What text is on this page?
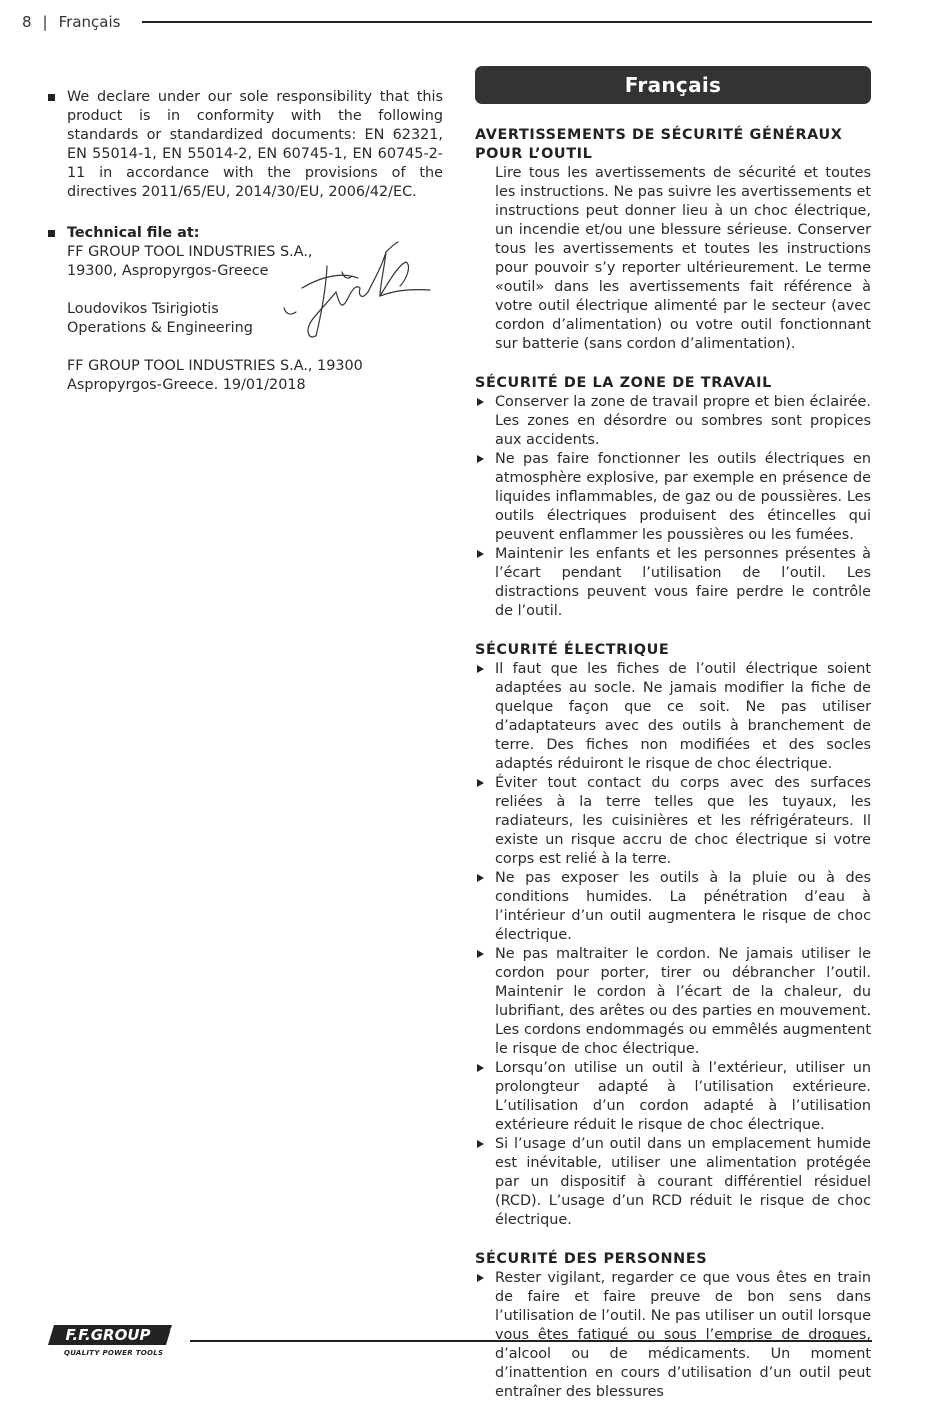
8 | Français
We declare under our sole responsibility that this product is in conformity with the following standards or standardized documents: EN 62321, EN 55014-1, EN 55014-2, EN 60745-1, EN 60745-2-11 in accordance with the provisions of the directives 2011/65/EU, 2014/30/EU, 2006/42/EC.
Technical file at:
FF GROUP TOOL INDUSTRIES S.A.,
19300, Aspropyrgos-Greece
Loudovikos Tsirigiotis
Operations & Engineering
FF GROUP TOOL INDUSTRIES S.A., 19300
Aspropyrgos-Greece. 19/01/2018
Français
AVERTISSEMENTS DE SÉCURITÉ GÉNÉRAUX
POUR L’OUTIL
Lire tous les avertissements de sécurité et toutes les instructions. Ne pas suivre les avertissements et instructions peut donner lieu à un choc électrique, un incendie et/ou une blessure sérieuse. Conserver tous les avertissements et toutes les instructions pour pouvoir s’y reporter ultérieurement. Le terme «outil» dans les avertissements fait référence à votre outil électrique alimenté par le secteur (avec cordon d’alimentation) ou votre outil fonctionnant sur batterie (sans cordon d’alimentation).
SÉCURITÉ DE LA ZONE DE TRAVAIL
Conserver la zone de travail propre et bien éclairée. Les zones en désordre ou sombres sont propices aux accidents.
Ne pas faire fonctionner les outils électriques en atmosphère explosive, par exemple en présence de liquides inflammables, de gaz ou de poussières. Les outils électriques produisent des étincelles qui peuvent enflammer les poussières ou les fumées.
Maintenir les enfants et les personnes présentes à l’écart pendant l’utilisation de l’outil. Les distractions peuvent vous faire perdre le contrôle de l’outil.
SÉCURITÉ ÉLECTRIQUE
Il faut que les fiches de l’outil électrique soient adaptées au socle. Ne jamais modifier la fiche de quelque façon que ce soit. Ne pas utiliser d’adaptateurs avec des outils à branchement de terre. Des fiches non modifiées et des socles adaptés réduiront le risque de choc électrique.
Éviter tout contact du corps avec des surfaces reliées à la terre telles que les tuyaux, les radiateurs, les cuisinières et les réfrigérateurs. Il existe un risque accru de choc électrique si votre corps est relié à la terre.
Ne pas exposer les outils à la pluie ou à des conditions humides. La pénétration d’eau à l’intérieur d’un outil augmentera le risque de choc électrique.
Ne pas maltraiter le cordon. Ne jamais utiliser le cordon pour porter, tirer ou débrancher l’outil. Maintenir le cordon à l’écart de la chaleur, du lubrifiant, des arêtes ou des parties en mouvement. Les cordons endommagés ou emmêlés augmentent le risque de choc électrique.
Lorsqu’on utilise un outil à l’extérieur, utiliser un prolongteur adapté à l’utilisation extérieure. L’utilisation d’un cordon adapté à l’utilisation extérieure réduit le risque de choc électrique.
Si l’usage d’un outil dans un emplacement humide est inévitable, utiliser une alimentation protégée par un dispositif à courant différentiel résiduel (RCD). L’usage d’un RCD réduit le risque de choc électrique.
SÉCURITÉ DES PERSONNES
Rester vigilant, regarder ce que vous êtes en train de faire et faire preuve de bon sens dans l’utilisation de l’outil. Ne pas utiliser un outil lorsque vous êtes fatigué ou sous l’emprise de drogues, d’alcool ou de médicaments. Un moment d’inattention en cours d’utilisation d’un outil peut entraîner des blessures
F.F.GROUP	®
QUALITY POWER TOOLS
